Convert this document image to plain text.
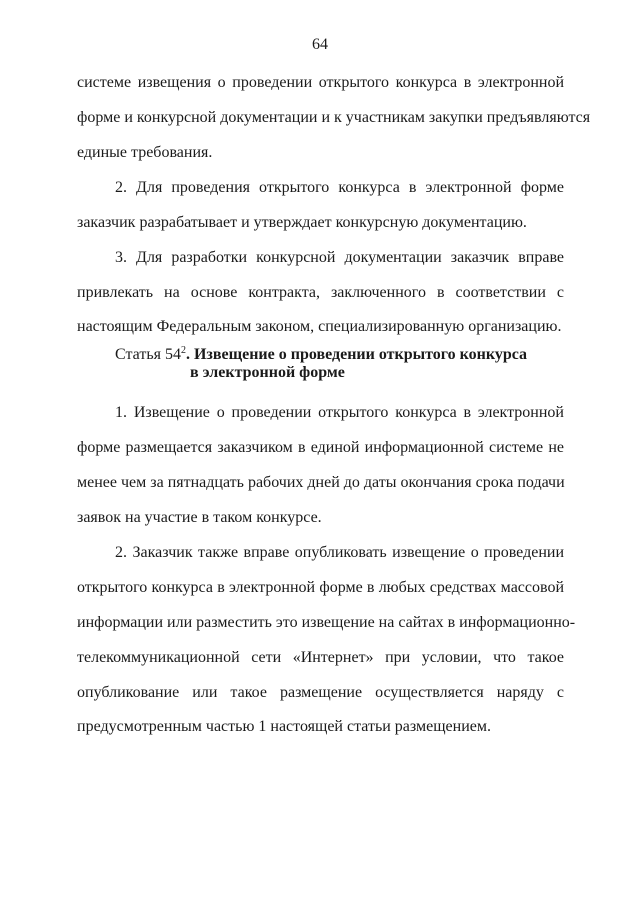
64
системе извещения о проведении открытого конкурса в электронной
форме и конкурсной документации и к участникам закупки предъявляются
единые требования.
2. Для проведения открытого конкурса в электронной форме
заказчик разрабатывает и утверждает конкурсную документацию.
3. Для разработки конкурсной документации заказчик вправе
привлекать на основе контракта, заключенного в соответствии с
настоящим Федеральным законом, специализированную организацию.
Статья $54^2$. Извещение о проведении открытого конкурса
в электронной форме
1. Извещение о проведении открытого конкурса в электронной
форме размещается заказчиком в единой информационной системе не
менее чем за пятнадцать рабочих дней до даты окончания срока подачи
заявок на участие в таком конкурсе.
2. Заказчик также вправе опубликовать извещение о проведении
открытого конкурса в электронной форме в любых средствах массовой
информации или разместить это извещение на сайтах в информационно-
телекоммуникационной сети «Интернет» при условии, что такое
опубликование или такое размещение осуществляется наряду с
предусмотренным частью 1 настоящей статьи размещением.
